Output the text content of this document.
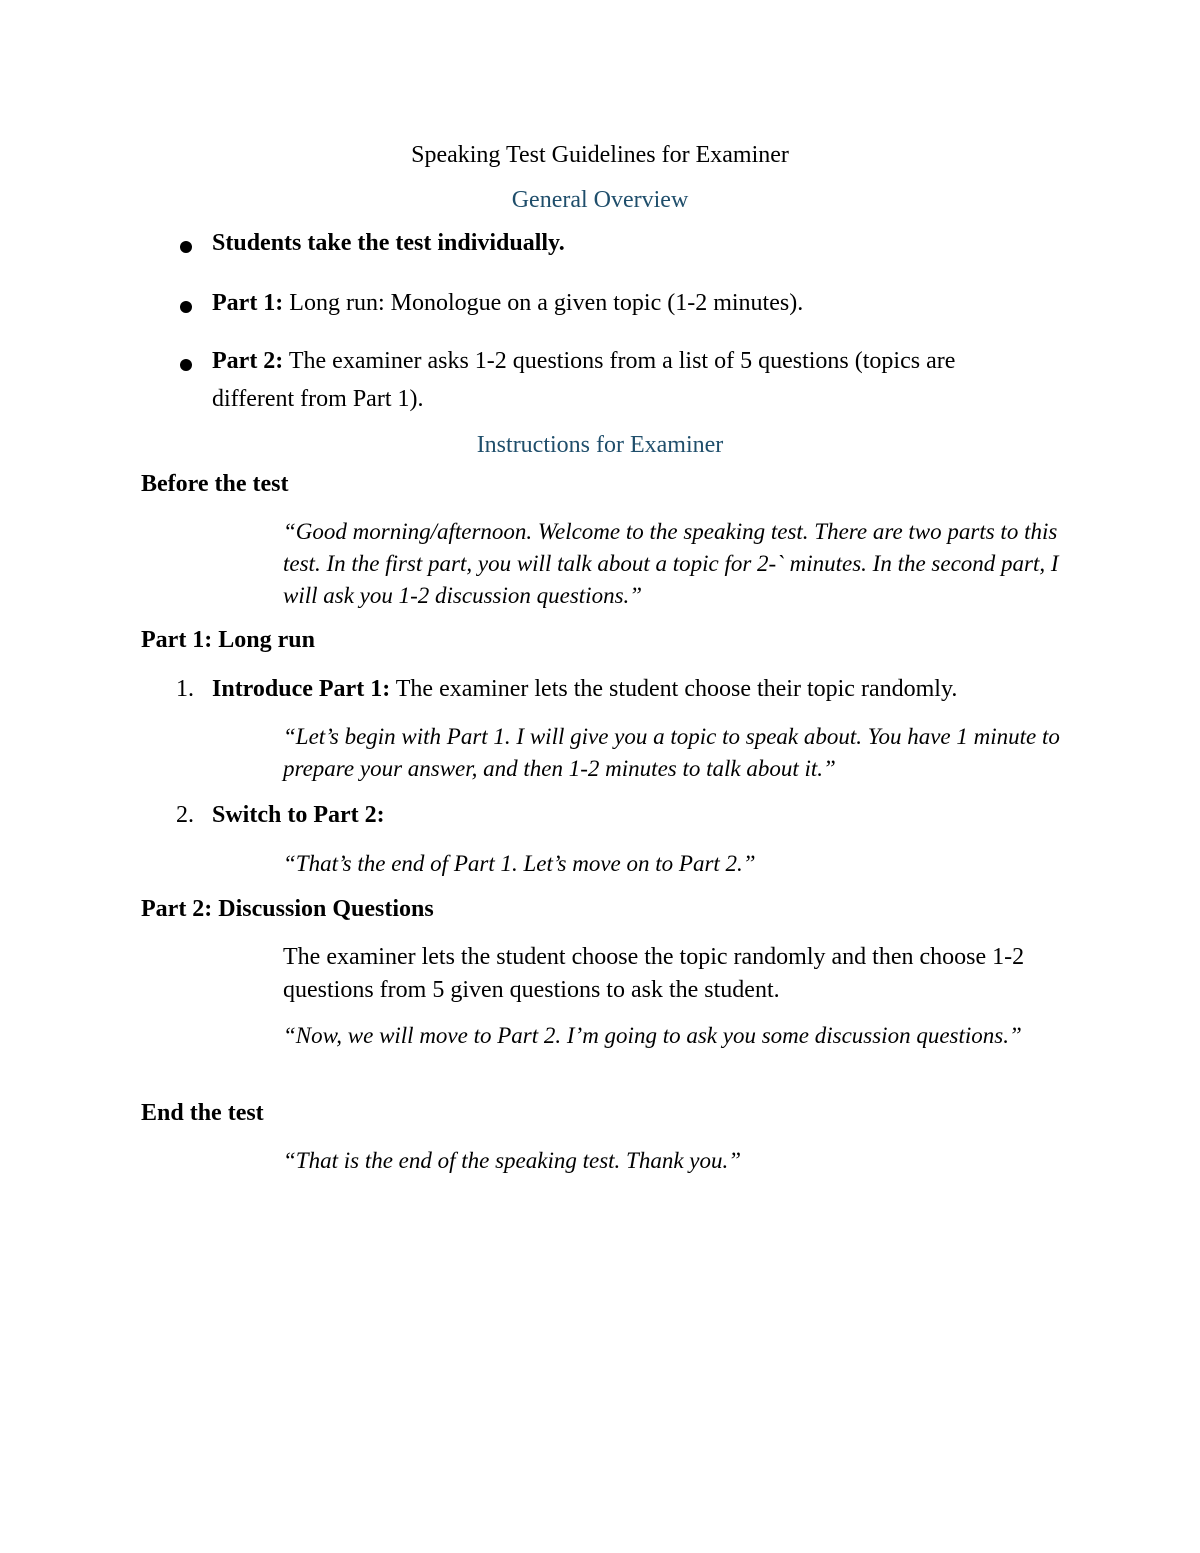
Speaking Test Guidelines for Examiner
General Overview
Students take the test individually.
Part 1: Long run: Monologue on a given topic (1-2 minutes).
Part 2: The examiner asks 1-2 questions from a list of 5 questions (topics are
different from Part 1).
Instructions for Examiner
Before the test
“Good morning/afternoon. Welcome to the speaking test. There are two parts to this test. In the first part, you will talk about a topic for 2-` minutes. In the second part, I will ask you 1-2 discussion questions.”
Part 1: Long run
1. Introduce Part 1: The examiner lets the student choose their topic randomly.
“Let’s begin with Part 1. I will give you a topic to speak about. You have 1 minute to prepare your answer, and then 1-2 minutes to talk about it.”
2. Switch to Part 2:
“That’s the end of Part 1. Let’s move on to Part 2.”
Part 2: Discussion Questions
The examiner lets the student choose the topic randomly and then choose 1-2 questions from 5 given questions to ask the student.
“Now, we will move to Part 2. I’m going to ask you some discussion questions.”
End the test
“That is the end of the speaking test. Thank you.”
